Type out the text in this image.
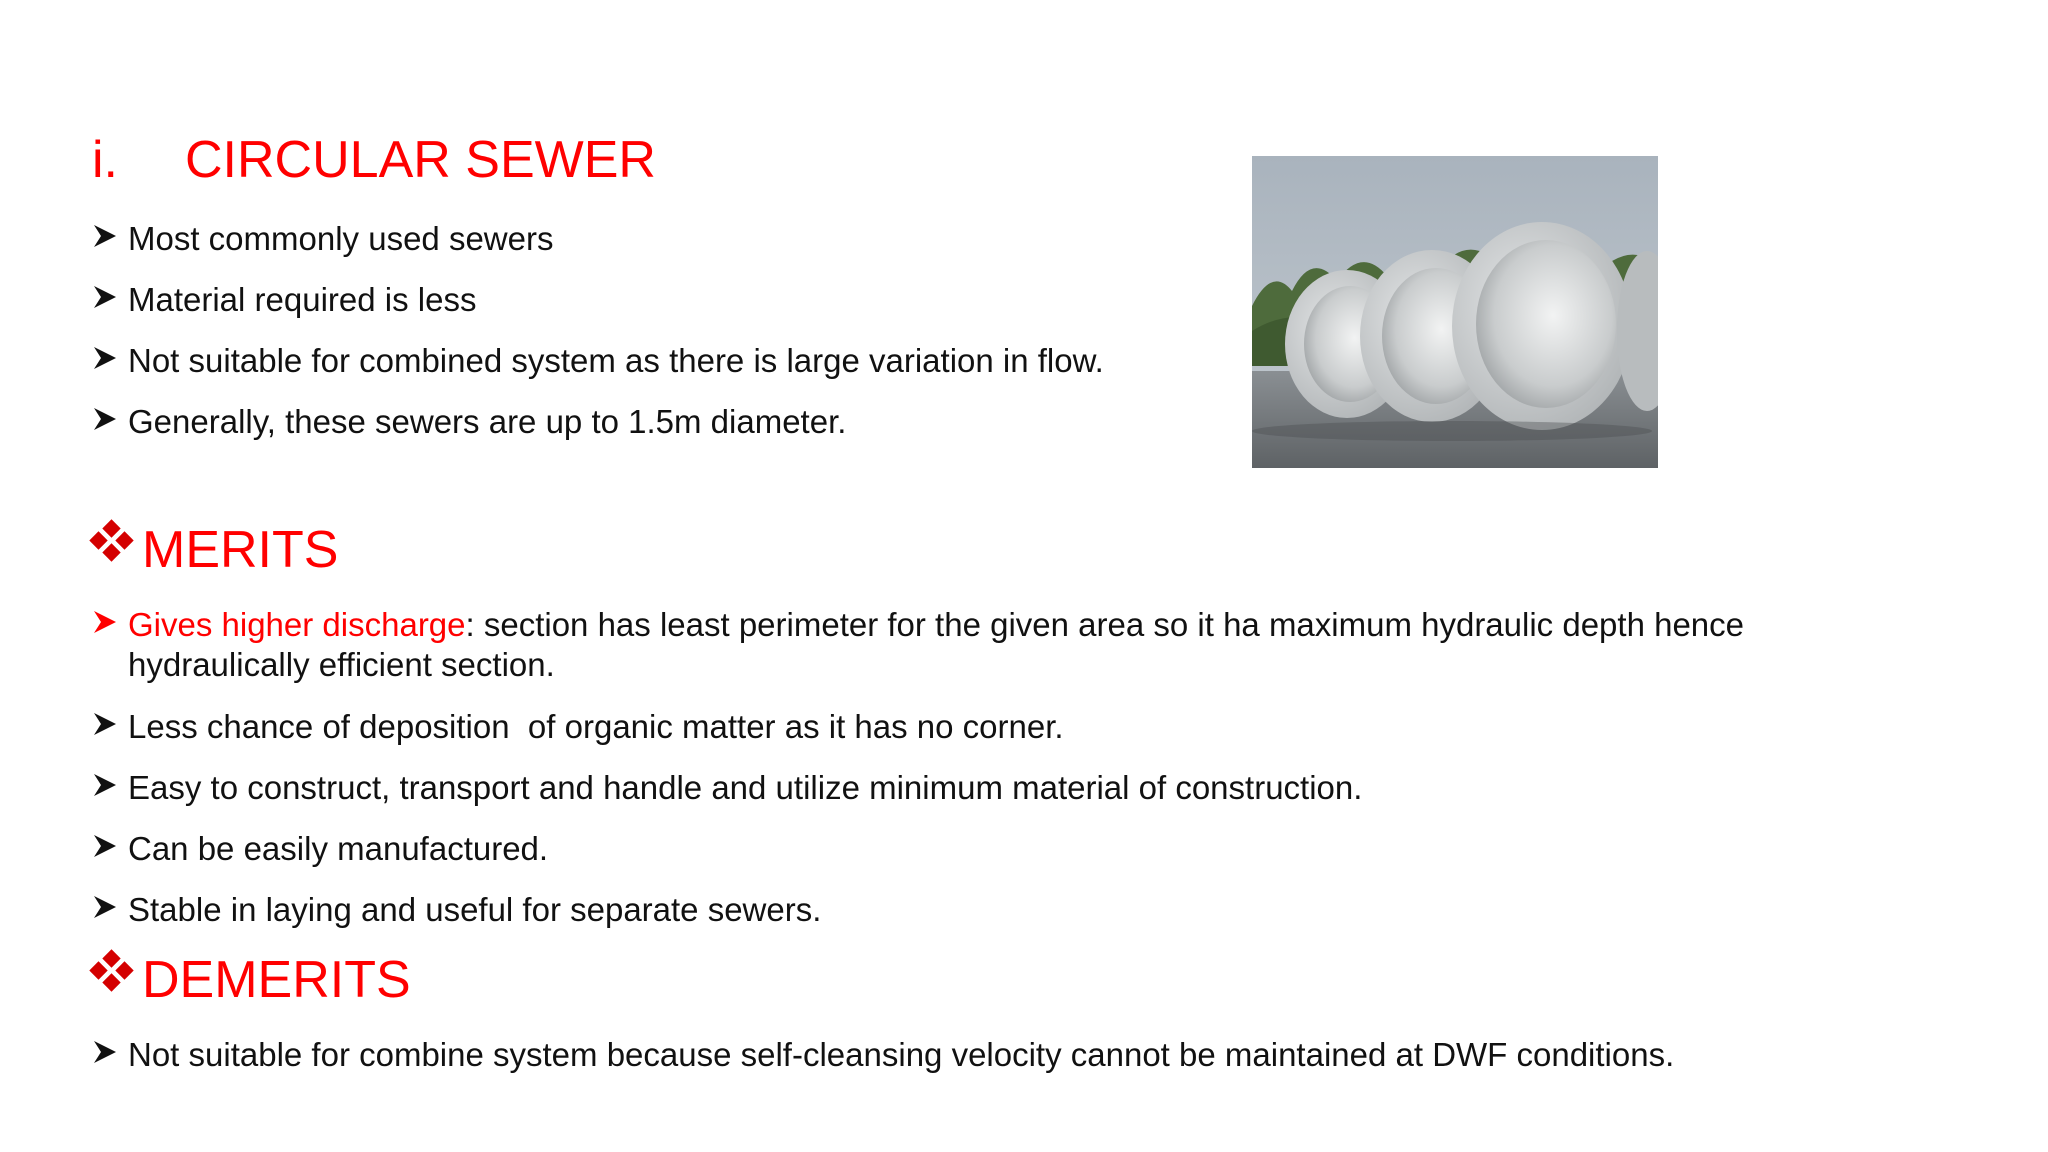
i. CIRCULAR SEWER
Most commonly used sewers
Material required is less
Not suitable for combined system as there is large variation in flow.
Generally, these sewers are up to 1.5m diameter.
MERITS
Gives higher discharge: section has least perimeter for the given area so it ha maximum hydraulic depth hence hydraulically efficient section.
Less chance of deposition  of organic matter as it has no corner.
Easy to construct, transport and handle and utilize minimum material of construction.
Can be easily manufactured.
Stable in laying and useful for separate sewers.
DEMERITS
Not suitable for combine system because self-cleansing velocity cannot be maintained at DWF conditions.
